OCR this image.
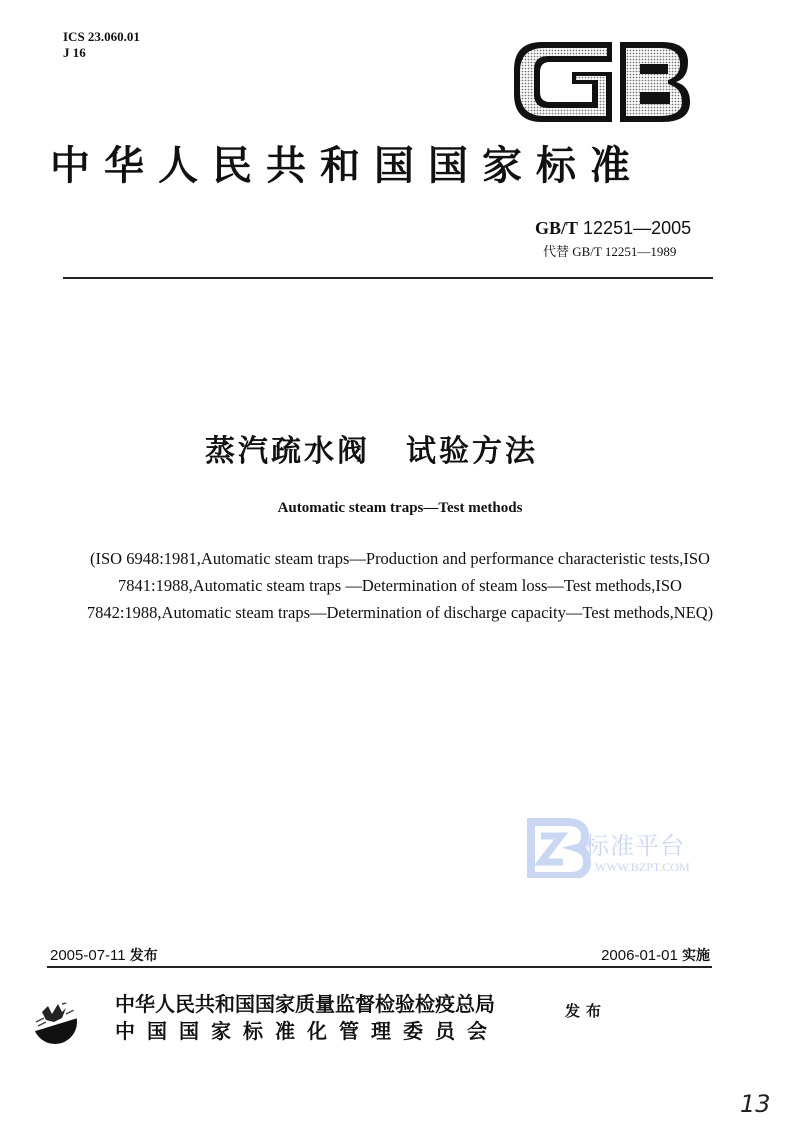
ICS 23.060.01
J 16
中华人民共和国国家标准
GB/T 12251—2005
代替 GB/T 12251—1989
蒸汽疏水阀 试验方法
Automatic steam traps—Test methods
(ISO 6948:1981,Automatic steam traps—Production and performance characteristic tests,ISO 7841:1988,Automatic steam traps —Determination of steam loss—Test methods,ISO 7842:1988,Automatic steam traps—Determination of discharge capacity—Test methods,NEQ)
标准平台
WWW.BZPT.COM
2005-07-11 发布	2006-01-01 实施
中华人民共和国国家质量监督检验检疫总局
中国国家标准化管理委员会
发布
13
